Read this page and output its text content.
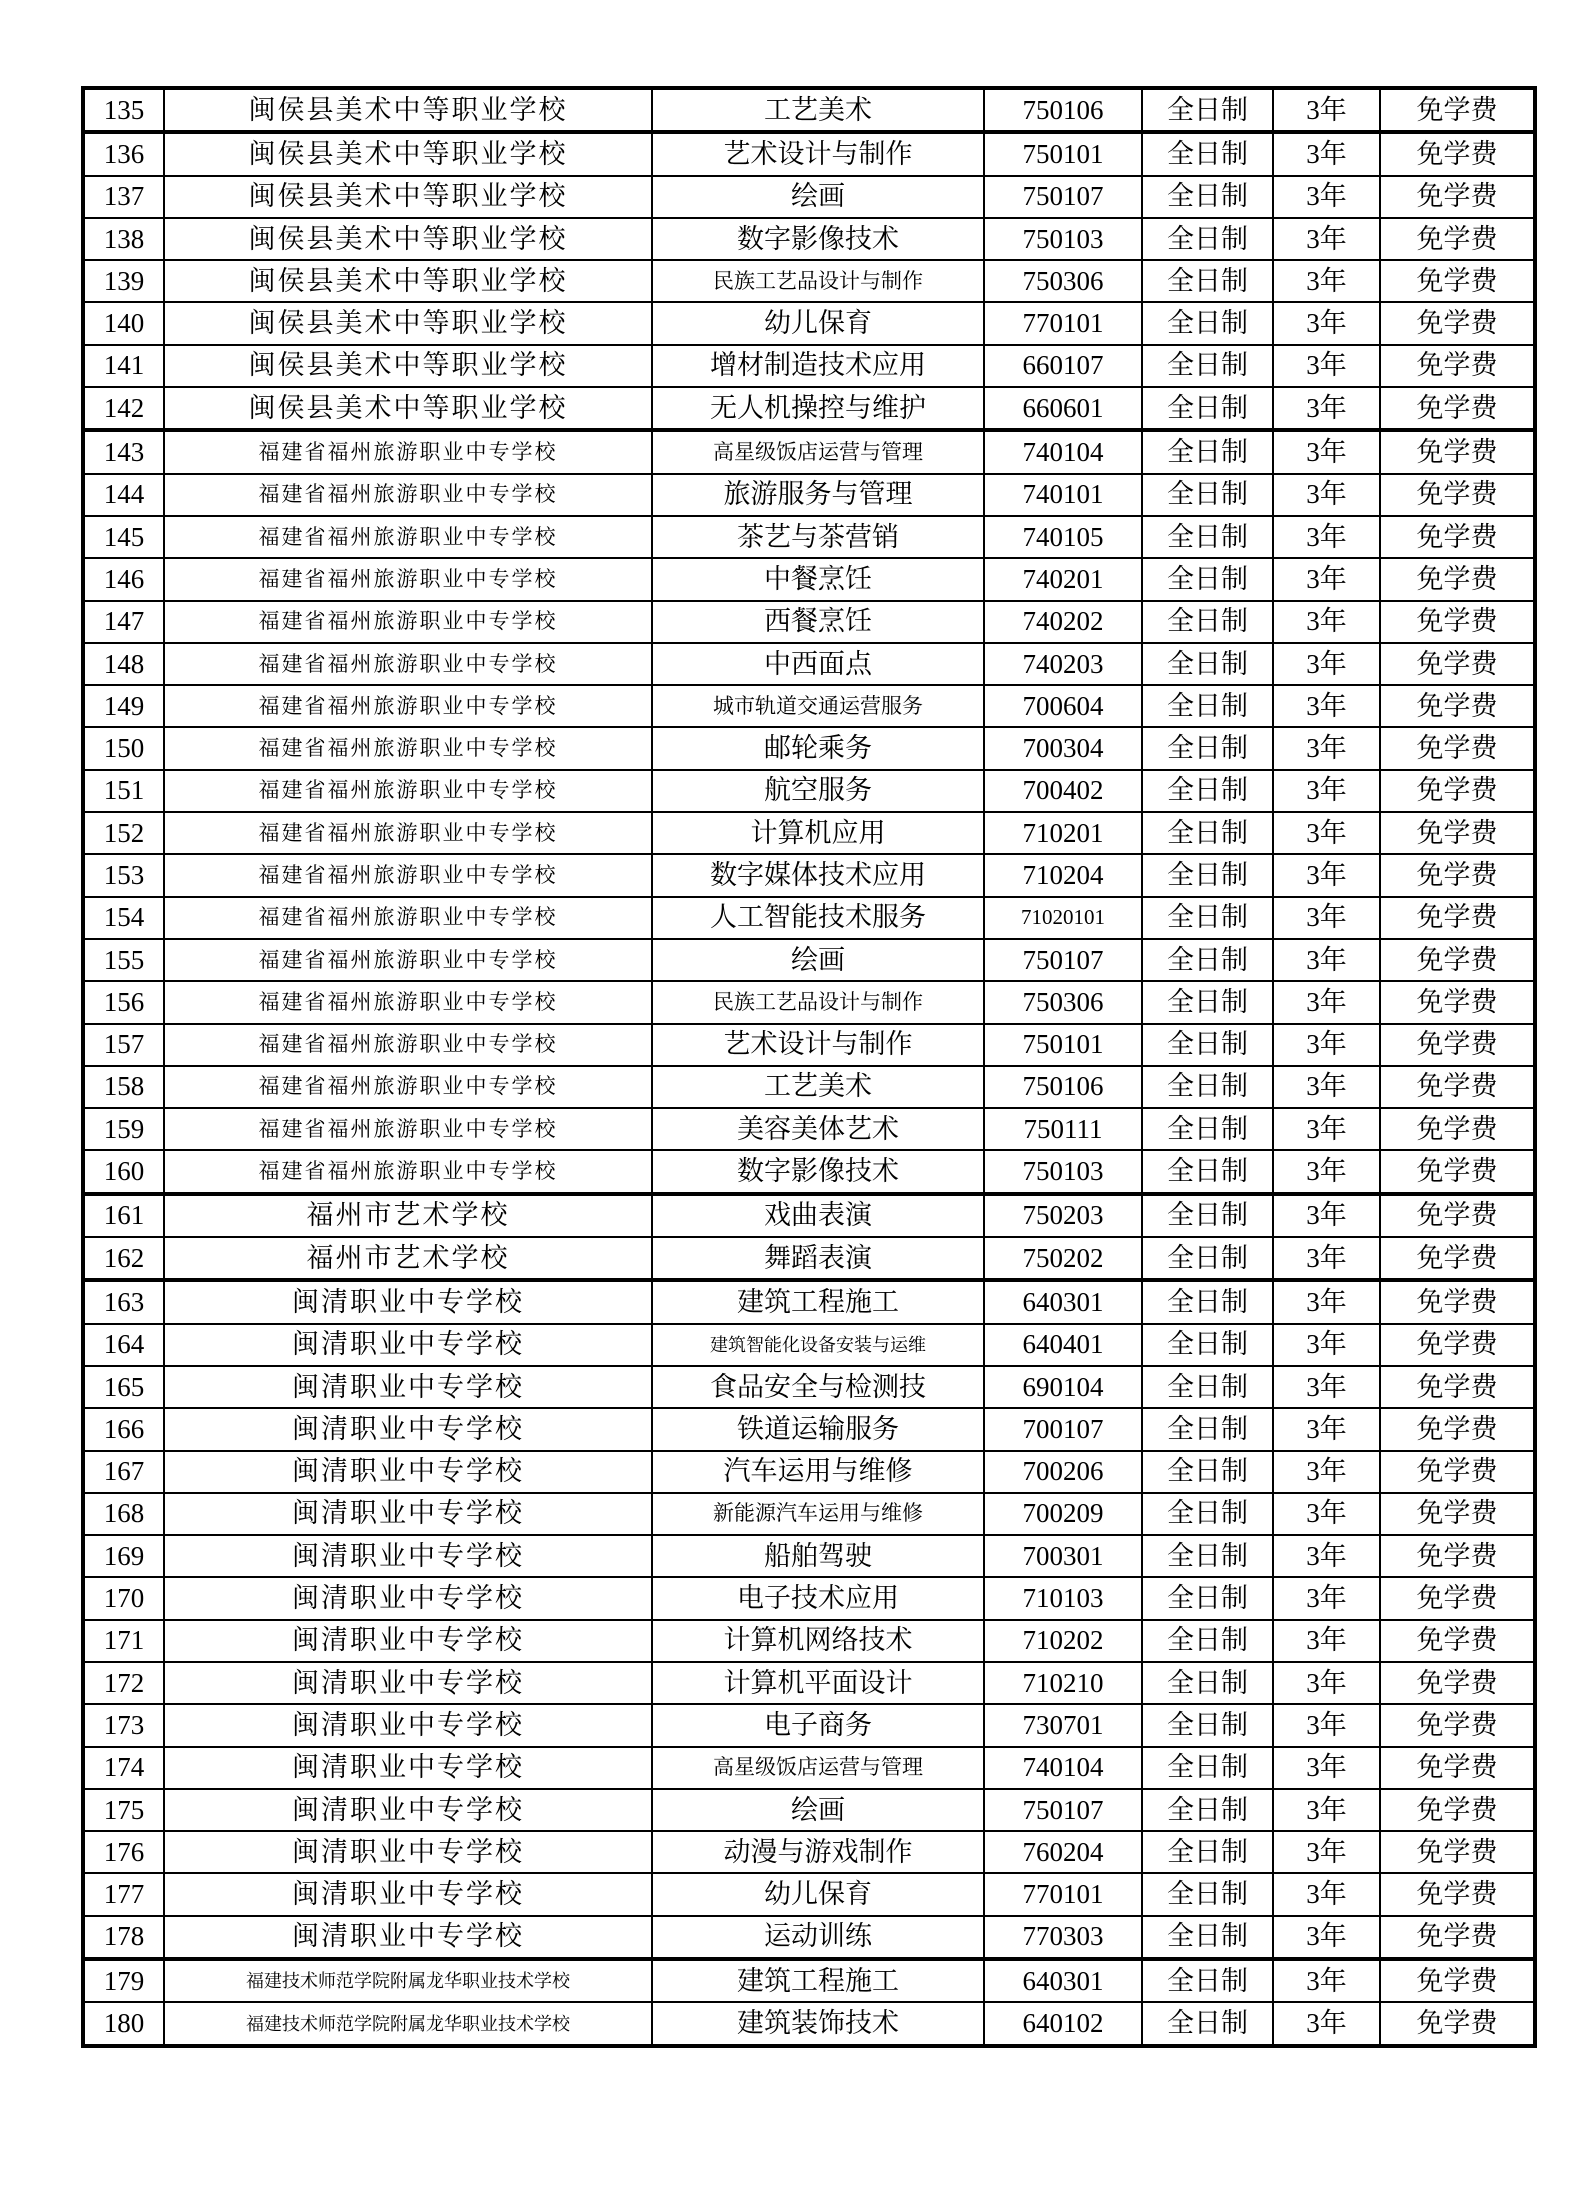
135	闽侯县美术中等职业学校	工艺美术	750106	全日制	3年	免学费
136	闽侯县美术中等职业学校	艺术设计与制作	750101	全日制	3年	免学费
137	闽侯县美术中等职业学校	绘画	750107	全日制	3年	免学费
138	闽侯县美术中等职业学校	数字影像技术	750103	全日制	3年	免学费
139	闽侯县美术中等职业学校	民族工艺品设计与制作	750306	全日制	3年	免学费
140	闽侯县美术中等职业学校	幼儿保育	770101	全日制	3年	免学费
141	闽侯县美术中等职业学校	增材制造技术应用	660107	全日制	3年	免学费
142	闽侯县美术中等职业学校	无人机操控与维护	660601	全日制	3年	免学费
143	福建省福州旅游职业中专学校	高星级饭店运营与管理	740104	全日制	3年	免学费
144	福建省福州旅游职业中专学校	旅游服务与管理	740101	全日制	3年	免学费
145	福建省福州旅游职业中专学校	茶艺与茶营销	740105	全日制	3年	免学费
146	福建省福州旅游职业中专学校	中餐烹饪	740201	全日制	3年	免学费
147	福建省福州旅游职业中专学校	西餐烹饪	740202	全日制	3年	免学费
148	福建省福州旅游职业中专学校	中西面点	740203	全日制	3年	免学费
149	福建省福州旅游职业中专学校	城市轨道交通运营服务	700604	全日制	3年	免学费
150	福建省福州旅游职业中专学校	邮轮乘务	700304	全日制	3年	免学费
151	福建省福州旅游职业中专学校	航空服务	700402	全日制	3年	免学费
152	福建省福州旅游职业中专学校	计算机应用	710201	全日制	3年	免学费
153	福建省福州旅游职业中专学校	数字媒体技术应用	710204	全日制	3年	免学费
154	福建省福州旅游职业中专学校	人工智能技术服务	71020101	全日制	3年	免学费
155	福建省福州旅游职业中专学校	绘画	750107	全日制	3年	免学费
156	福建省福州旅游职业中专学校	民族工艺品设计与制作	750306	全日制	3年	免学费
157	福建省福州旅游职业中专学校	艺术设计与制作	750101	全日制	3年	免学费
158	福建省福州旅游职业中专学校	工艺美术	750106	全日制	3年	免学费
159	福建省福州旅游职业中专学校	美容美体艺术	750111	全日制	3年	免学费
160	福建省福州旅游职业中专学校	数字影像技术	750103	全日制	3年	免学费
161	福州市艺术学校	戏曲表演	750203	全日制	3年	免学费
162	福州市艺术学校	舞蹈表演	750202	全日制	3年	免学费
163	闽清职业中专学校	建筑工程施工	640301	全日制	3年	免学费
164	闽清职业中专学校	建筑智能化设备安装与运维	640401	全日制	3年	免学费
165	闽清职业中专学校	食品安全与检测技	690104	全日制	3年	免学费
166	闽清职业中专学校	铁道运输服务	700107	全日制	3年	免学费
167	闽清职业中专学校	汽车运用与维修	700206	全日制	3年	免学费
168	闽清职业中专学校	新能源汽车运用与维修	700209	全日制	3年	免学费
169	闽清职业中专学校	船舶驾驶	700301	全日制	3年	免学费
170	闽清职业中专学校	电子技术应用	710103	全日制	3年	免学费
171	闽清职业中专学校	计算机网络技术	710202	全日制	3年	免学费
172	闽清职业中专学校	计算机平面设计	710210	全日制	3年	免学费
173	闽清职业中专学校	电子商务	730701	全日制	3年	免学费
174	闽清职业中专学校	高星级饭店运营与管理	740104	全日制	3年	免学费
175	闽清职业中专学校	绘画	750107	全日制	3年	免学费
176	闽清职业中专学校	动漫与游戏制作	760204	全日制	3年	免学费
177	闽清职业中专学校	幼儿保育	770101	全日制	3年	免学费
178	闽清职业中专学校	运动训练	770303	全日制	3年	免学费
179	福建技术师范学院附属龙华职业技术学校	建筑工程施工	640301	全日制	3年	免学费
180	福建技术师范学院附属龙华职业技术学校	建筑装饰技术	640102	全日制	3年	免学费
